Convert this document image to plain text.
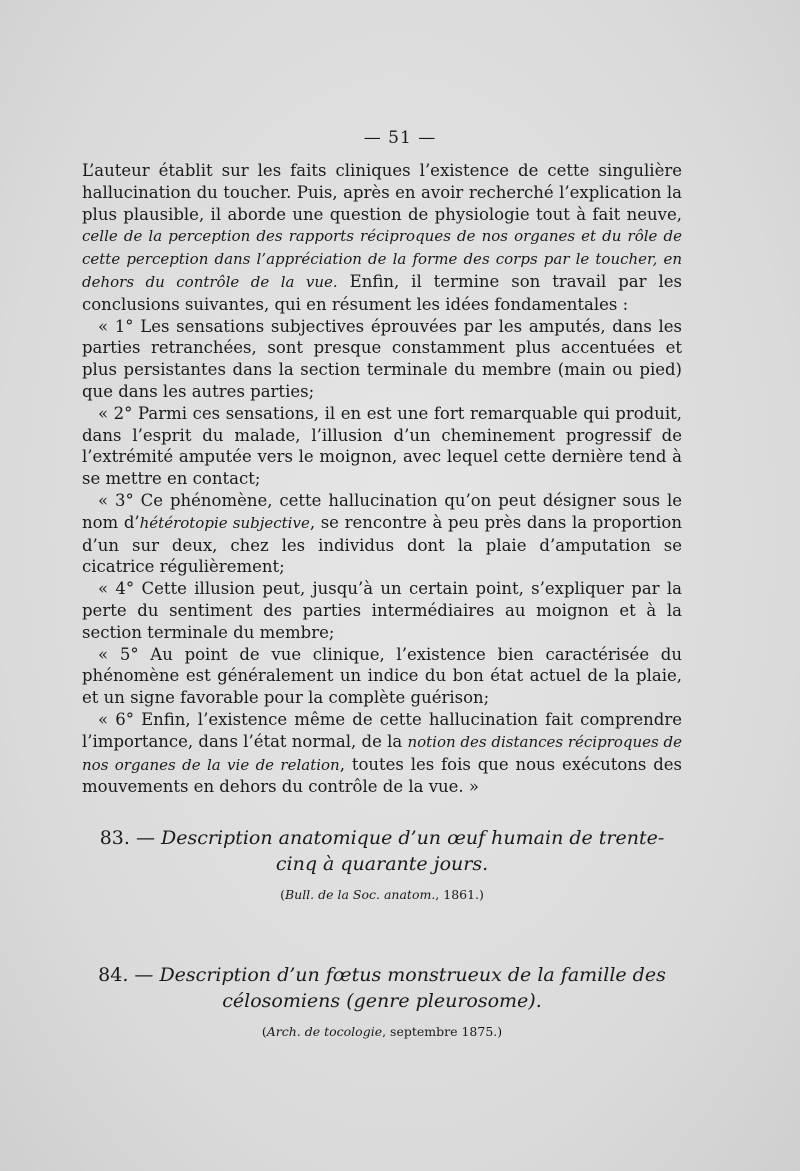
— 51 —

L’auteur établit sur les faits cliniques l’existence de cette singulière hallucination du toucher. Puis, après en avoir recherché l’explication la plus plausible, il aborde une question de physiologie tout à fait neuve, celle de la perception des rapports réciproques de nos organes et du rôle de cette perception dans l’appréciation de la forme des corps par le toucher, en dehors du contrôle de la vue. Enfin, il termine son travail par les conclusions suivantes, qui en résument les idées fondamentales :

« 1° Les sensations subjectives éprouvées par les amputés, dans les parties retranchées, sont presque constamment plus accentuées et plus persistantes dans la section terminale du membre (main ou pied) que dans les autres parties;

« 2° Parmi ces sensations, il en est une fort remarquable qui produit, dans l’esprit du malade, l’illusion d’un cheminement progressif de l’extrémité amputée vers le moignon, avec lequel cette dernière tend à se mettre en contact;

« 3° Ce phénomène, cette hallucination qu’on peut désigner sous le nom d’hétérotopie subjective, se rencontre à peu près dans la proportion d’un sur deux, chez les individus dont la plaie d’amputation se cicatrice régulièrement;

« 4° Cette illusion peut, jusqu’à un certain point, s’expliquer par la perte du sentiment des parties intermédiaires au moignon et à la section terminale du membre;

« 5° Au point de vue clinique, l’existence bien caractérisée du phénomène est généralement un indice du bon état actuel de la plaie, et un signe favorable pour la complète guérison;

« 6° Enfin, l’existence même de cette hallucination fait comprendre l’importance, dans l’état normal, de la notion des distances réciproques de nos organes de la vie de relation, toutes les fois que nous exécutons des mouvements en dehors du contrôle de la vue. »

83. — Description anatomique d’un œuf humain de trente-cinq à quarante jours.
(Bull. de la Soc. anatom., 1861.)
84. — Description d’un fœtus monstrueux de la famille des célosomiens (genre pleurosome).
(Arch. de tocologie, septembre 1875.)
